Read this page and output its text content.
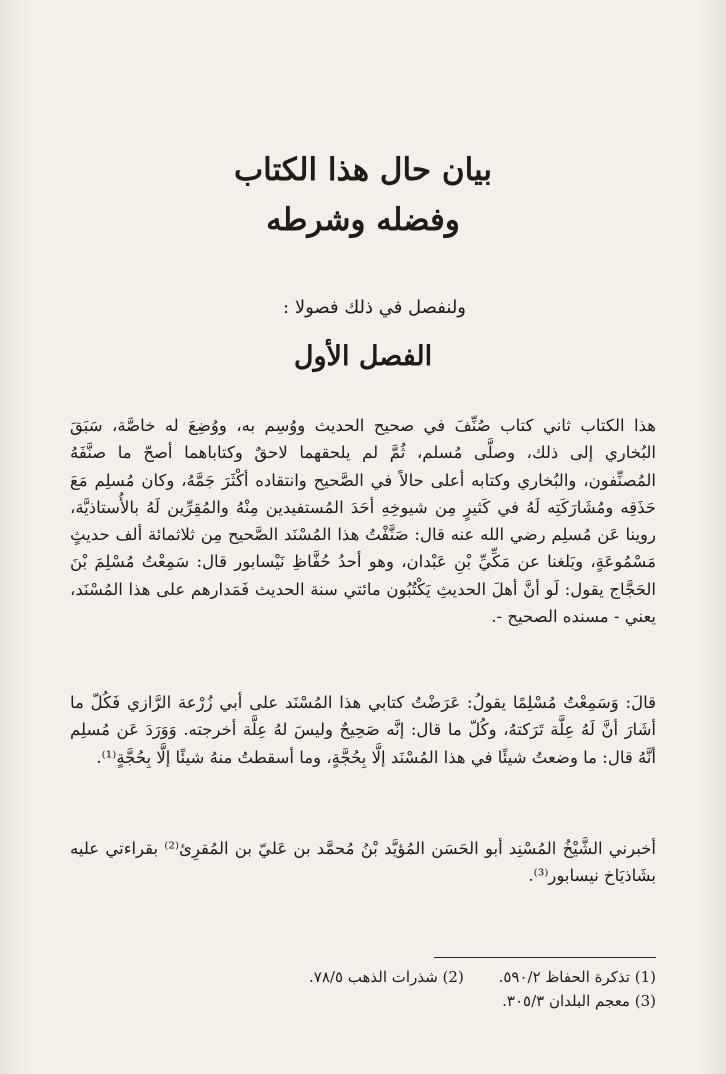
بيان حال هذا الكتاب
وفضله وشرطه
ولنفصل في ذلك فصولا :
الفصل الأول
هذا الكتاب ثاني كتاب صُنِّفَ في صحيح الحديث ووُسِم به، ووُضِعَ له خاصَّة، سَبَقَ البُخاري إلى ذلك، وصلَّى مُسلم، ثُمَّ لم يلحقهما لاحقٌ وكتاباهما أصحّ ما صنَّفَهُ المُصنِّفون، والبُخاري وكتابه أعلى حالاً في الصَّحيح وانتقاده أكْثَرَ جَمَّهُ، وكان مُسلِم مَعَ حَذَقِه ومُشَارَكَتِه لَهُ في كَثيرٍ مِن شيوخِهِ أحَدَ المُستفيدين مِنْهُ والمُقِرِّين لَهُ بالأُستاذيَّة، روينا عَن مُسلِم رضي الله عنه قال: صَنَّفْتُ هذا المُسْنَد الصَّحيح مِن ثلاثمائة ألف حديثٍ مَسْمُوعَةٍ، وبَلغنا عن مَكِّيِّ بْنِ عَبْدان، وهو أحدُ حُفَّاظِ نَيْسابور قال: سَمِعْتُ مُسْلِمَ بْنَ الحَجَّاج يقول: لَو أنَّ أهلَ الحديثِ يَكْتُبُون مائتي سنة الحديث فَمَدارهم على هذا المُسْنَد، يعني - مسنده الصحيح -.
قالَ: وَسَمِعْتُ مُسْلِمًا يقولُ: عَرَضْتُ كتابي هذا المُسْنَد على أبي زُرْعة الرَّازي فَكُلّ ما أشَارَ أنَّ لَهُ عِلَّة تَرَكتهُ، وكُلّ ما قال: إنَّه صَحِيحٌ وليسَ لهُ عِلَّة أخرجته. وَوَرَدَ عَن مُسلِم أنَّهُ قال: ما وضعتُ شيئًا في هذا المُسْنَد إلَّا بِحُجَّةٍ، وما أسقطتُ منهُ شيئًا إلَّا بِحُجَّةٍ⁽¹⁾.
أخبرني الشَّيْخُ المُسْنِد أبو الحَسَن المُؤيَّد بْنُ مُحمَّد بن عَليّ بن المُقرِئ⁽²⁾ بقراءتي عليه بشَاذيَاخ نيسابور⁽³⁾.
(1) تذكرة الحفاظ ٥٩٠/٢. (2) شذرات الذهب ٧٨/٥.
(3) معجم البلدان ٣٠٥/٣.
